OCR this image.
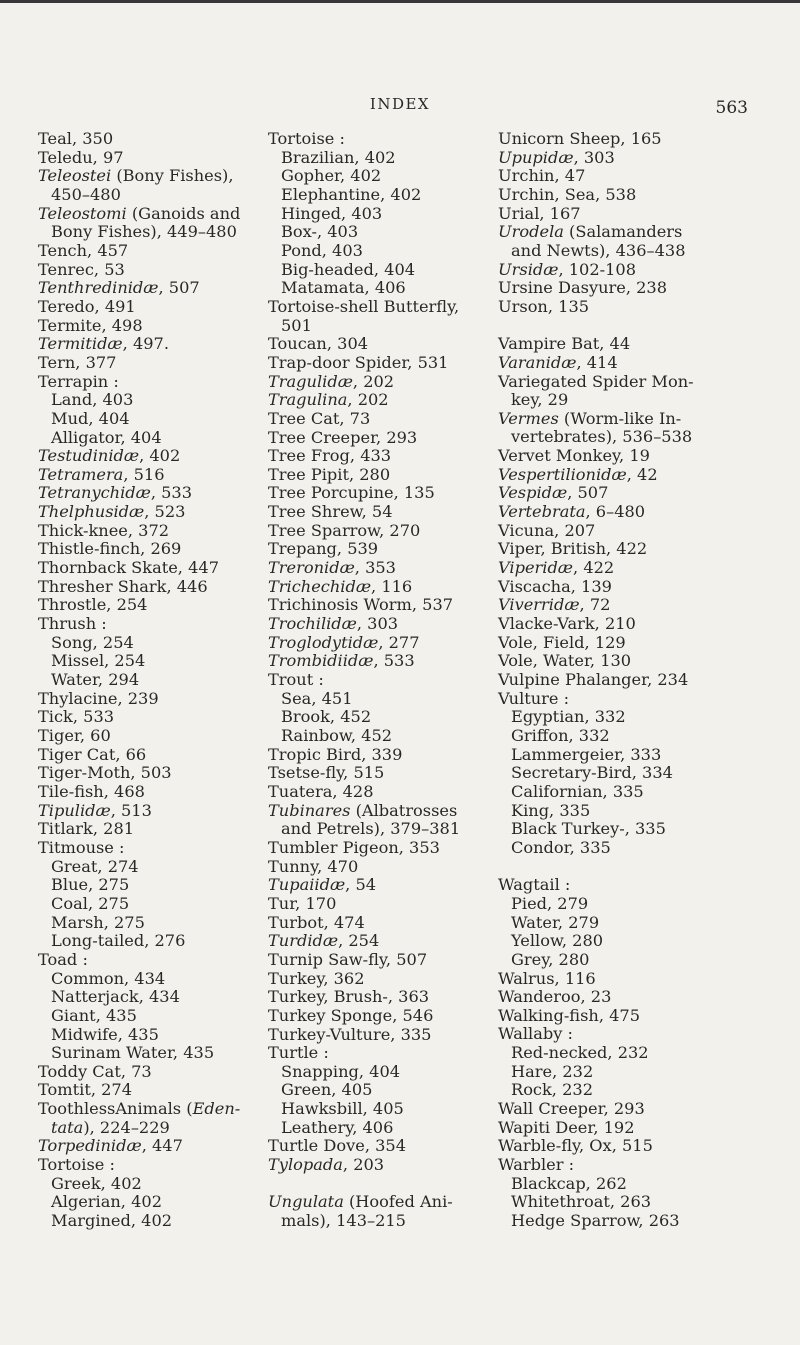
INDEX	563
Teal, 350
Teledu, 97
Teleostei (Bony Fishes),
450–480
Teleostomi (Ganoids and
Bony Fishes), 449–480
Tench, 457
Tenrec, 53
Tenthredinidæ, 507
Teredo, 491
Termite, 498
Termitidæ, 497.
Tern, 377
Terrapin :
Land, 403
Mud, 404
Alligator, 404
Testudinidæ, 402
Tetramera, 516
Tetranychidæ, 533
Thelphusidæ, 523
Thick-knee, 372
Thistle-finch, 269
Thornback Skate, 447
Thresher Shark, 446
Throstle, 254
Thrush :
Song, 254
Missel, 254
Water, 294
Thylacine, 239
Tick, 533
Tiger, 60
Tiger Cat, 66
Tiger-Moth, 503
Tile-fish, 468
Tipulidæ, 513
Titlark, 281
Titmouse :
Great, 274
Blue, 275
Coal, 275
Marsh, 275
Long-tailed, 276
Toad :
Common, 434
Natterjack, 434
Giant, 435
Midwife, 435
Surinam Water, 435
Toddy Cat, 73
Tomtit, 274
ToothlessAnimals (Eden-
tata), 224–229
Torpedinidæ, 447
Tortoise :
Greek, 402
Algerian, 402
Margined, 402
Tortoise :
Brazilian, 402
Gopher, 402
Elephantine, 402
Hinged, 403
Box-, 403
Pond, 403
Big-headed, 404
Matamata, 406
Tortoise-shell Butterfly,
501
Toucan, 304
Trap-door Spider, 531
Tragulidæ, 202
Tragulina, 202
Tree Cat, 73
Tree Creeper, 293
Tree Frog, 433
Tree Pipit, 280
Tree Porcupine, 135
Tree Shrew, 54
Tree Sparrow, 270
Trepang, 539
Treronidæ, 353
Trichechidæ, 116
Trichinosis Worm, 537
Trochilidæ, 303
Troglodytidæ, 277
Trombidiidæ, 533
Trout :
Sea, 451
Brook, 452
Rainbow, 452
Tropic Bird, 339
Tsetse-fly, 515
Tuatera, 428
Tubinares (Albatrosses
and Petrels), 379–381
Tumbler Pigeon, 353
Tunny, 470
Tupaiidæ, 54
Tur, 170
Turbot, 474
Turdidæ, 254
Turnip Saw-fly, 507
Turkey, 362
Turkey, Brush-, 363
Turkey Sponge, 546
Turkey-Vulture, 335
Turtle :
Snapping, 404
Green, 405
Hawksbill, 405
Leathery, 406
Turtle Dove, 354
Tylopada, 203
Ungulata (Hoofed Ani-
mals), 143–215
Unicorn Sheep, 165
Upupidæ, 303
Urchin, 47
Urchin, Sea, 538
Urial, 167
Urodela (Salamanders
and Newts), 436–438
Ursidæ, 102-108
Ursine Dasyure, 238
Urson, 135
Vampire Bat, 44
Varanidæ, 414
Variegated Spider Mon-
key, 29
Vermes (Worm-like In-
vertebrates), 536–538
Vervet Monkey, 19
Vespertilionidæ, 42
Vespidæ, 507
Vertebrata, 6–480
Vicuna, 207
Viper, British, 422
Viperidæ, 422
Viscacha, 139
Viverridæ, 72
Vlacke-Vark, 210
Vole, Field, 129
Vole, Water, 130
Vulpine Phalanger, 234
Vulture :
Egyptian, 332
Griffon, 332
Lammergeier, 333
Secretary-Bird, 334
Californian, 335
King, 335
Black Turkey-, 335
Condor, 335
Wagtail :
Pied, 279
Water, 279
Yellow, 280
Grey, 280
Walrus, 116
Wanderoo, 23
Walking-fish, 475
Wallaby :
Red-necked, 232
Hare, 232
Rock, 232
Wall Creeper, 293
Wapiti Deer, 192
Warble-fly, Ox, 515
Warbler :
Blackcap, 262
Whitethroat, 263
Hedge Sparrow, 263
